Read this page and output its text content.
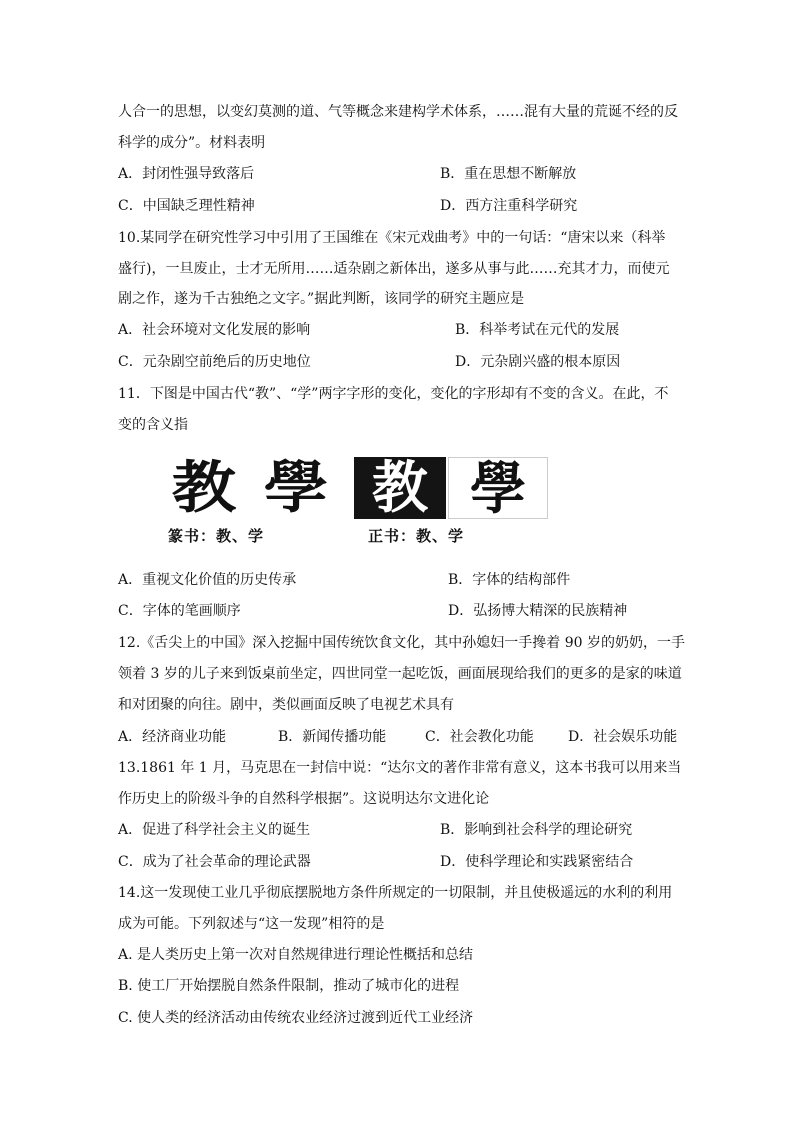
人合一的思想，以变幻莫测的道、气等概念来建构学术体系，……混有大量的荒诞不经的反
科学的成分”。材料表明
A．封闭性强导致落后	B．重在思想不断解放
C．中国缺乏理性精神	D．西方注重科学研究
10.某同学在研究性学习中引用了王国维在《宋元戏曲考》中的一句话：“唐宋以来（科举
盛行)，一旦废止，士才无所用……适杂剧之新体出，遂多从事与此……充其才力，而使元
剧之作，遂为千古独绝之文字。”据此判断，该同学的研究主题应是
A．社会环境对文化发展的影响	B．科举考试在元代的发展
C．元杂剧空前绝后的历史地位	D．元杂剧兴盛的根本原因
11．下图是中国古代“教”、“学”两字字形的变化，变化的字形却有不变的含义。在此，不
变的含义指
教 學 教 學
篆书：教、学	正书：教、学
A．重视文化价值的历史传承	B．字体的结构部件
C．字体的笔画顺序	D．弘扬博大精深的民族精神
12.《舌尖上的中国》深入挖掘中国传统饮食文化，其中孙媳妇一手搀着 90 岁的奶奶，一手
领着 3 岁的儿子来到饭桌前坐定，四世同堂一起吃饭，画面展现给我们的更多的是家的味道
和对团聚的向往。剧中，类似画面反映了电视艺术具有
A．经济商业功能	B．新闻传播功能	C．社会教化功能 D．社会娱乐功能
13.1861 年 1 月，马克思在一封信中说：“达尔文的著作非常有意义，这本书我可以用来当
作历史上的阶级斗争的自然科学根据”。这说明达尔文进化论
A．促进了科学社会主义的诞生	B．影响到社会科学的理论研究
C．成为了社会革命的理论武器	D．使科学理论和实践紧密结合
14.这一发现使工业几乎彻底摆脱地方条件所规定的一切限制，并且使极遥远的水利的利用
成为可能。下列叙述与“这一发现”相符的是
A. 是人类历史上第一次对自然规律进行理论性概括和总结
B. 使工厂开始摆脱自然条件限制，推动了城市化的进程
C. 使人类的经济活动由传统农业经济过渡到近代工业经济
